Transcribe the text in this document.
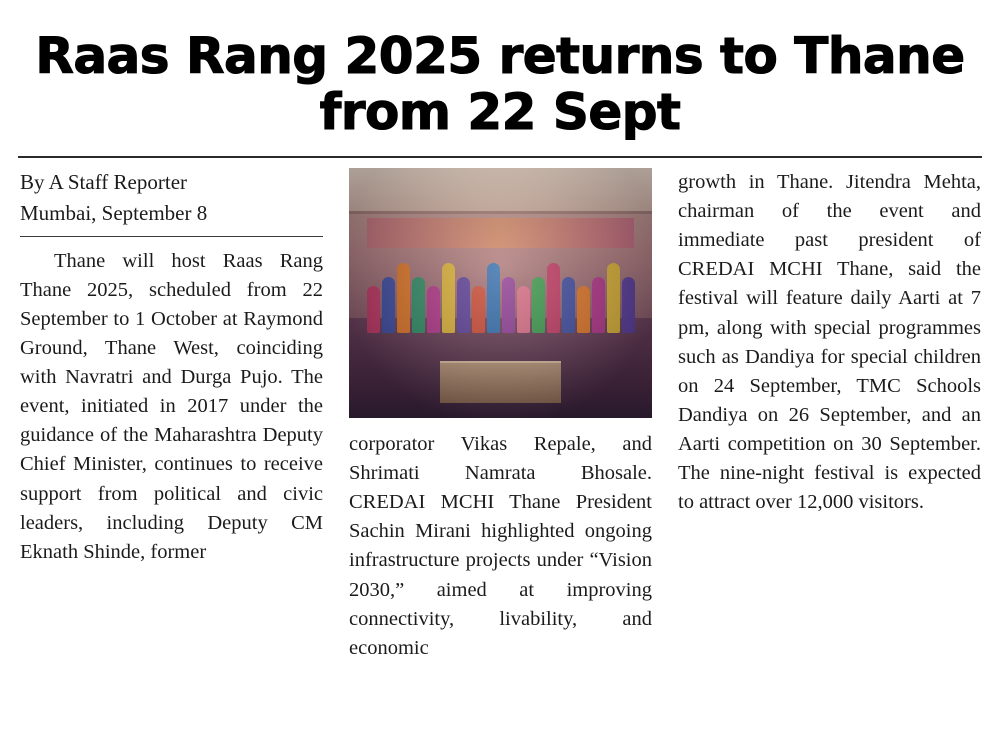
Raas Rang 2025 returns to Thane
from 22 Sept
By A Staff Reporter
Mumbai, September 8

Thane will host Raas Rang Thane 2025, scheduled from 22 September to 1 October at Raymond Ground, Thane West, coinciding with Navratri and Durga Pujo. The event, initiated in 2017 under the guidance of the Maharashtra Deputy Chief Minister, continues to receive support from political and civic leaders, including Deputy CM Eknath Shinde, former

corporator Vikas Repale, and Shrimati Namrata Bhosale. CREDAI MCHI Thane President Sachin Mirani highlighted ongoing infrastructure projects under “Vision 2030,” aimed at improving connectivity, livability, and economic

growth in Thane. Jitendra Mehta, chairman of the event and immediate past president of CREDAI MCHI Thane, said the festival will feature daily Aarti at 7 pm, along with special programmes such as Dandiya for special children on 24 September, TMC Schools Dandiya on 26 September, and an Aarti competition on 30 September. The nine-night festival is expected to attract over 12,000 visitors.
